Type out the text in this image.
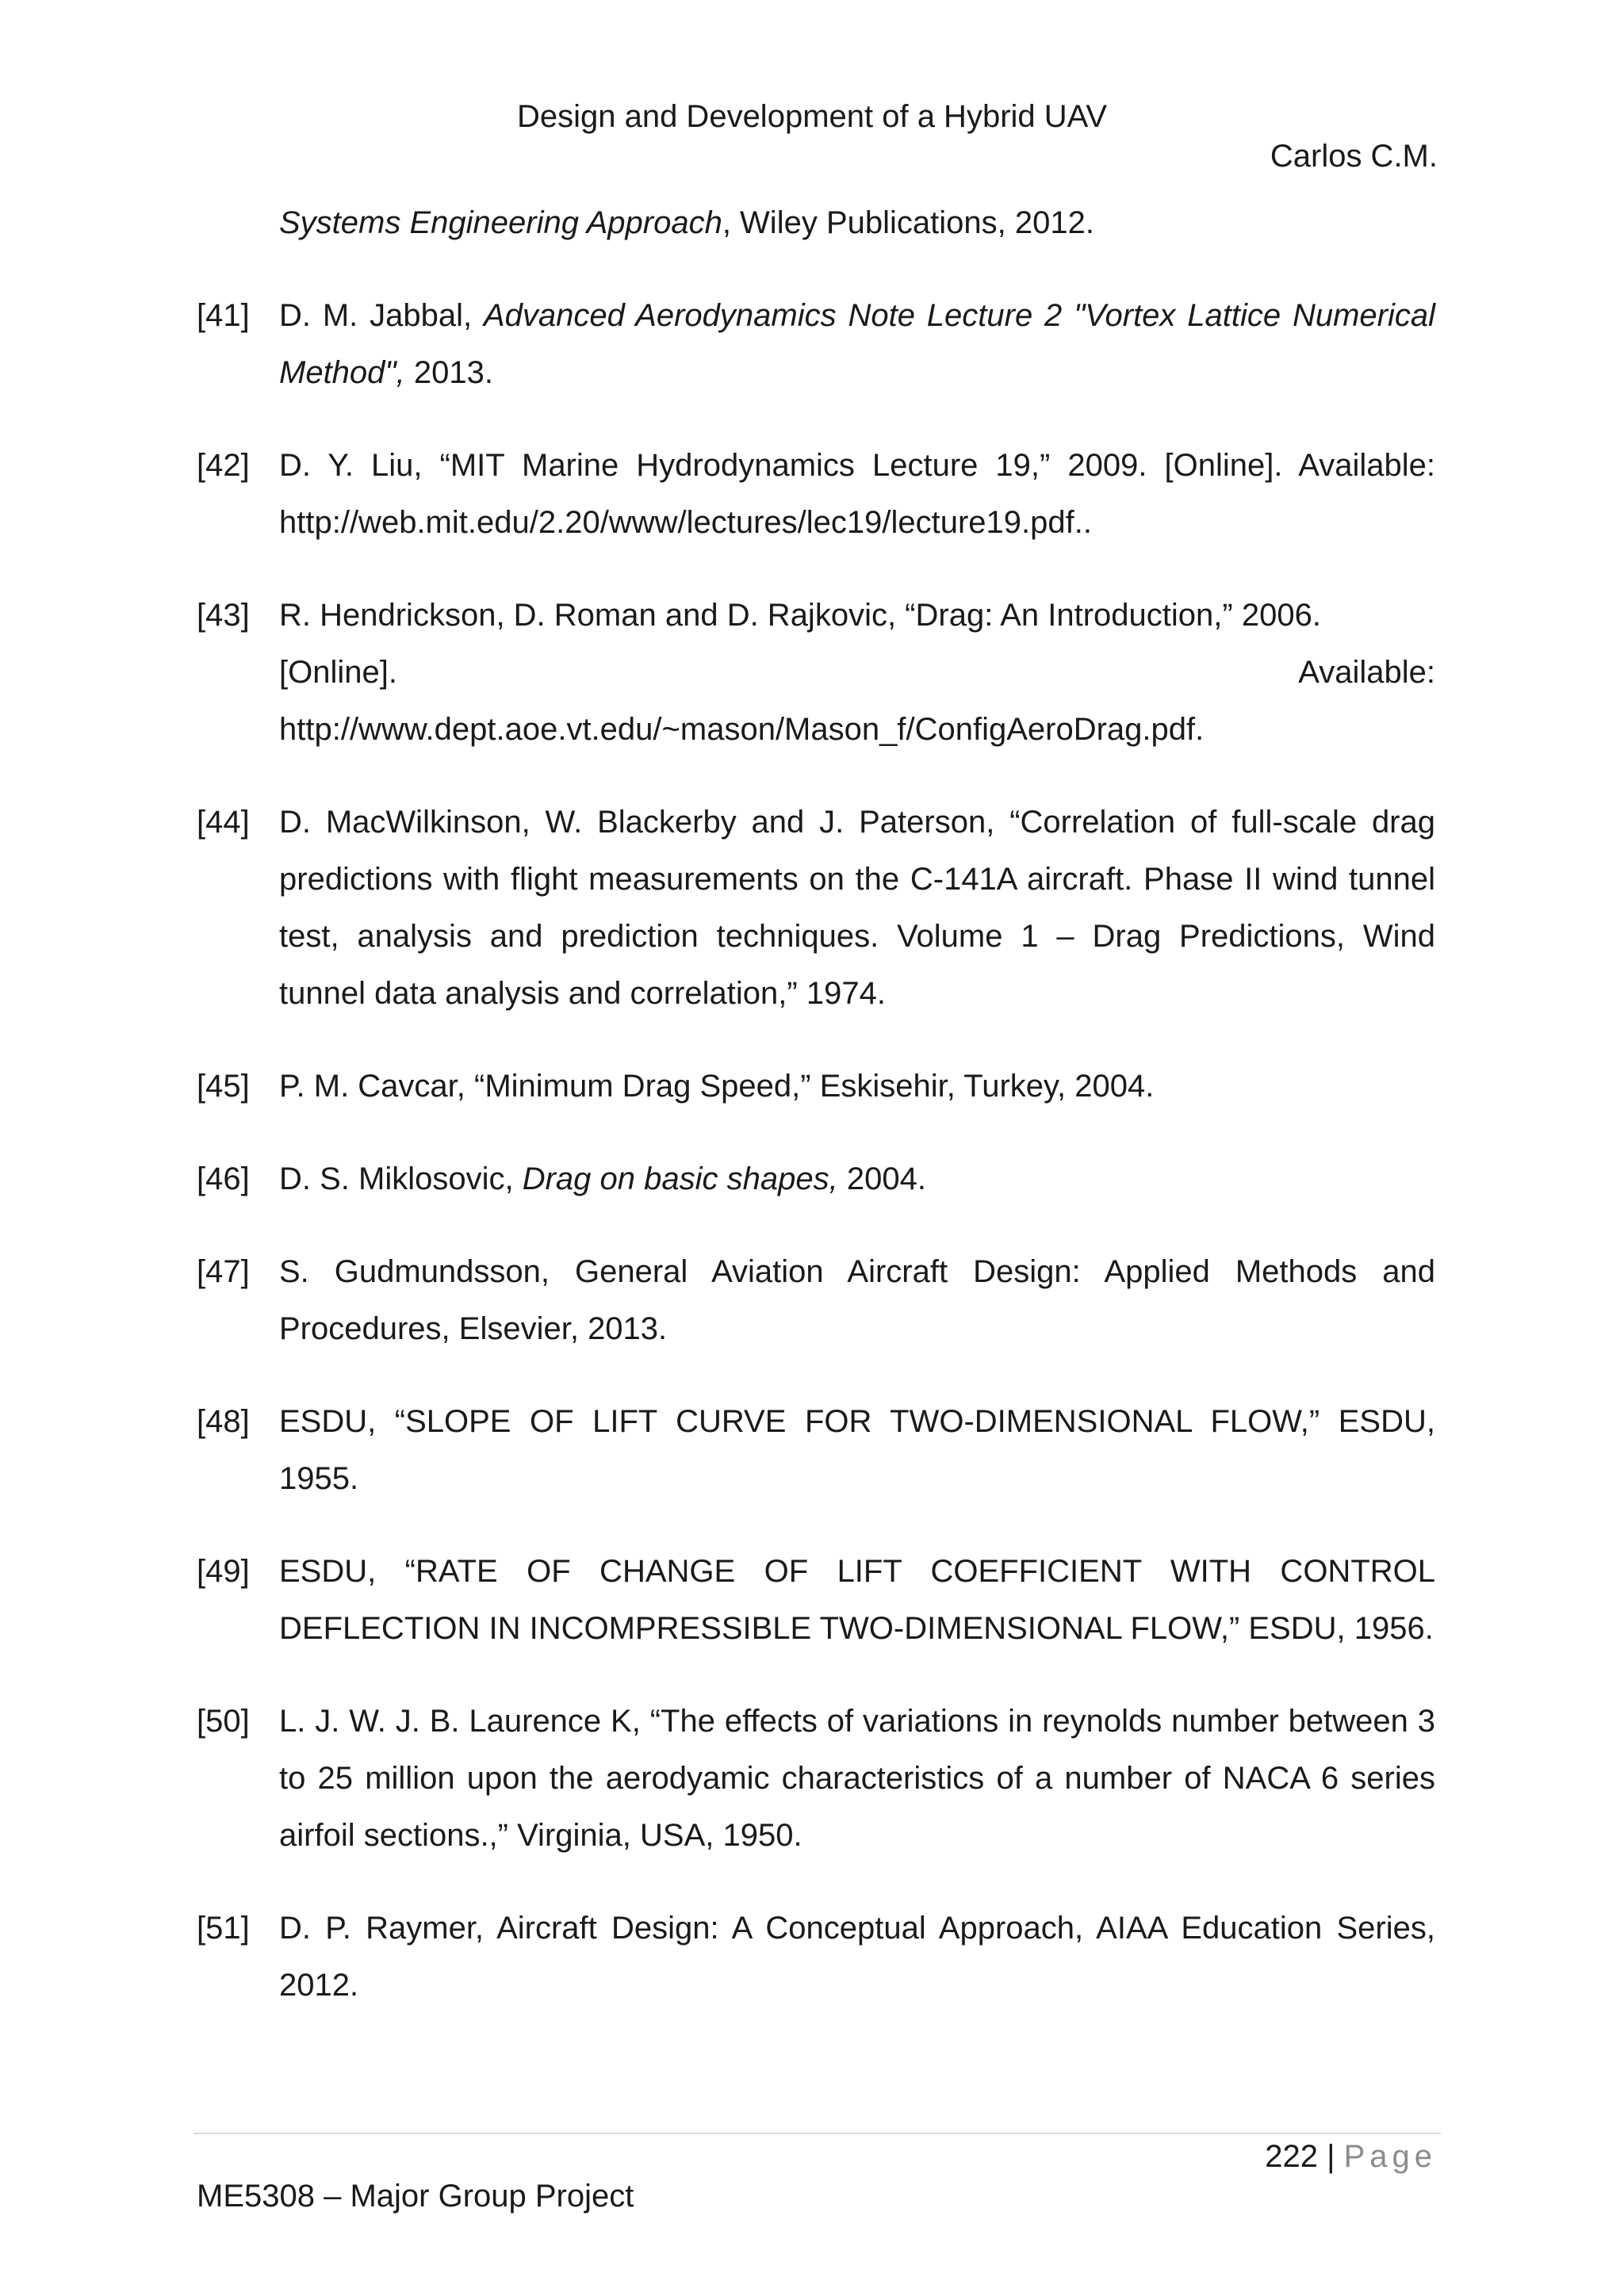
Design and Development of a Hybrid UAV
Carlos C.M.
Systems Engineering Approach, Wiley Publications, 2012.
[41] D. M. Jabbal, Advanced Aerodynamics Note Lecture 2 "Vortex Lattice Numerical Method", 2013.
[42] D. Y. Liu, “MIT Marine Hydrodynamics Lecture 19,” 2009. [Online]. Available: http://web.mit.edu/2.20/www/lectures/lec19/lecture19.pdf..
[43] R. Hendrickson, D. Roman and D. Rajkovic, “Drag: An Introduction,” 2006.
[Online].	Available:
http://www.dept.aoe.vt.edu/~mason/Mason_f/ConfigAeroDrag.pdf.
[44] D. MacWilkinson, W. Blackerby and J. Paterson, “Correlation of full-scale drag predictions with flight measurements on the C-141A aircraft. Phase II wind tunnel test, analysis and prediction techniques. Volume 1 – Drag Predictions, Wind tunnel data analysis and correlation,” 1974.
[45] P. M. Cavcar, “Minimum Drag Speed,” Eskisehir, Turkey, 2004.
[46] D. S. Miklosovic, Drag on basic shapes, 2004.
[47] S. Gudmundsson, General Aviation Aircraft Design: Applied Methods and Procedures, Elsevier, 2013.
[48] ESDU, “SLOPE OF LIFT CURVE FOR TWO-DIMENSIONAL FLOW,” ESDU, 1955.
[49] ESDU, “RATE OF CHANGE OF LIFT COEFFICIENT WITH CONTROL DEFLECTION IN INCOMPRESSIBLE TWO-DIMENSIONAL FLOW,” ESDU, 1956.
[50] L. J. W. J. B. Laurence K, “The effects of variations in reynolds number between 3 to 25 million upon the aerodyamic characteristics of a number of NACA 6 series airfoil sections.,” Virginia, USA, 1950.
[51] D. P. Raymer, Aircraft Design: A Conceptual Approach, AIAA Education Series, 2012.
222 | Page
ME5308 – Major Group Project
